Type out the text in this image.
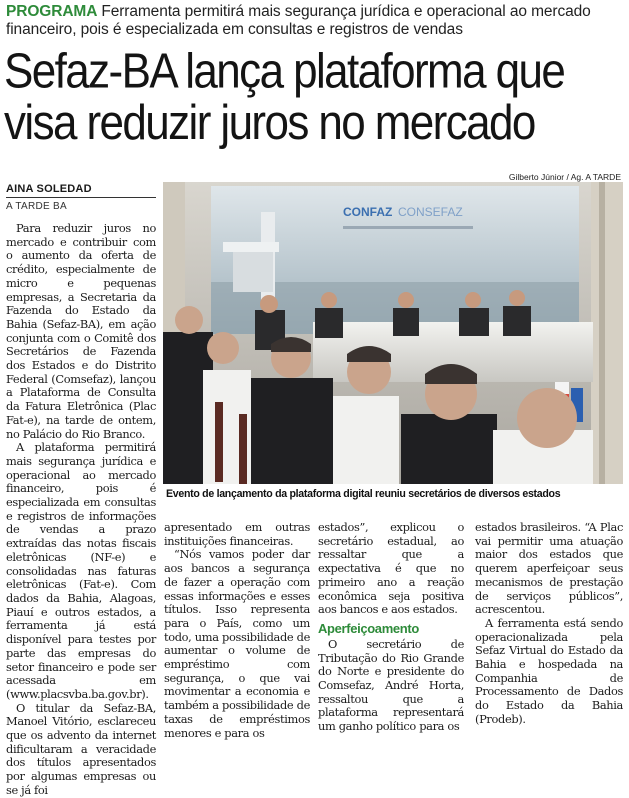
PROGRAMA Ferramenta permitirá mais segurança jurídica e operacional ao mercado financeiro, pois é especializada em consultas e registros de vendas
Sefaz-BA lança plataforma que visa reduzir juros no mercado
AINA SOLEDAD
A TARDE BA
Gilberto Júnior / Ag. A TARDE
CONFAZ CONSEFAZ
Evento de lançamento da plataforma digital reuniu secretários de diversos estados

Para reduzir juros no mercado e contribuir com o aumento da oferta de crédito, especialmente de micro e pequenas empresas, a Secretaria da Fazenda do Estado da Bahia (Sefaz-BA), em ação conjunta com o Comitê dos Secretários de Fazenda dos Estados e do Distrito Federal (Comsefaz), lançou a Plataforma de Consulta da Fatura Eletrônica (Plac Fat-e), na tarde de ontem, no Palácio do Rio Branco.

A plataforma permitirá mais segurança jurídica e operacional ao mercado financeiro, pois é especializada em consultas e registros de informações de vendas a prazo extraídas das notas fiscais eletrônicas (NF-e) e consolidadas nas faturas eletrônicas (Fat-e). Com dados da Bahia, Alagoas, Piauí e outros estados, a ferramenta já está disponível para testes por parte das empresas do setor financeiro e pode ser acessada em (www.placsvba.ba.gov.br).

O titular da Sefaz-BA, Manoel Vitório, esclareceu que os advento da internet dificultaram a veracidade dos títulos apresentados por algumas empresas ou se já foi

apresentado em outras instituições financeiras.

“Nós vamos poder dar aos bancos a segurança de fazer a operação com essas informações e esses títulos. Isso representa para o País, como um todo, uma possibilidade de aumentar o volume de empréstimo com segurança, o que vai movimentar a economia e também a possibilidade de taxas de empréstimos menores e para os

estados”, explicou o secretário estadual, ao ressaltar que a expectativa é que no primeiro ano a reação econômica seja positiva aos bancos e aos estados.

Aperfeiçoamento

O secretário de Tributação do Rio Grande do Norte e presidente do Comsefaz, André Horta, ressaltou que a plataforma representará um ganho político para os

estados brasileiros. “A Plac vai permitir uma atuação maior dos estados que querem aperfeiçoar seus mecanismos de prestação de serviços públicos”, acrescentou.

A ferramenta está sendo operacionalizada pela Sefaz Virtual do Estado da Bahia e hospedada na Companhia de Processamento de Dados do Estado da Bahia (Prodeb).
